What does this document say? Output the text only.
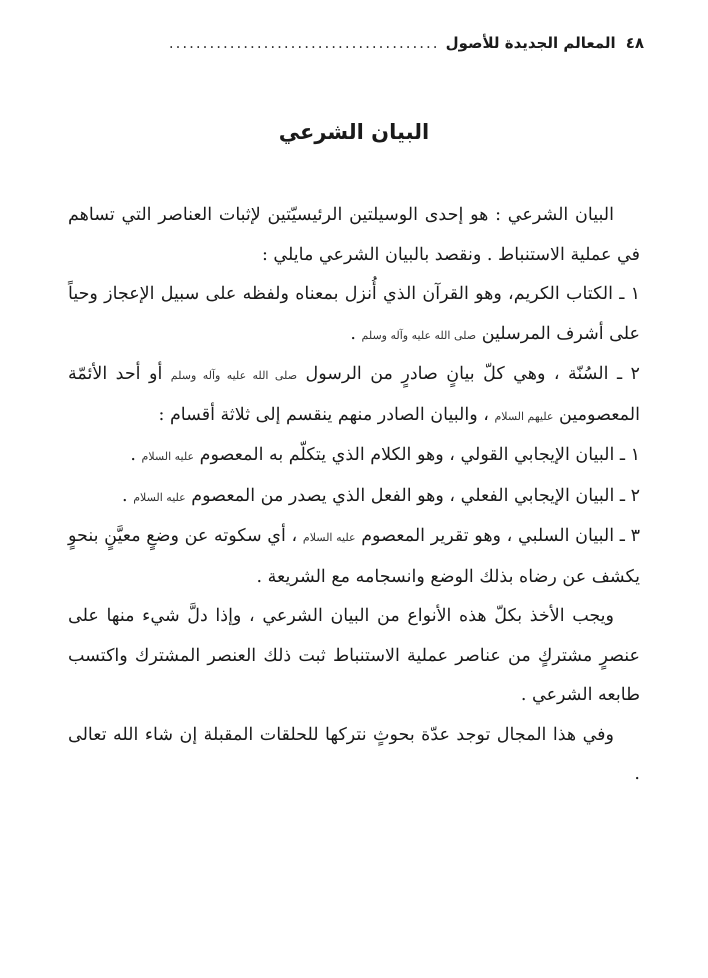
٤٨
المعالم الجديدة للأصول
........................................
البيان الشرعي

البيان الشرعي : هو إحدى الوسيلتين الرئيسيّتين لإثبات العناصر التي تساهم في عملية الاستنباط . ونقصد بالبيان الشرعي مايلي :

١ ـ الكتاب الكريم، وهو القرآن الذي أُنزل بمعناه ولفظه على سبيل الإعجاز وحياً على أشرف المرسلين صلى الله عليه وآله وسلم .

٢ ـ السُنّة ، وهي كلّ بيانٍ صادرٍ من الرسول صلى الله عليه وآله وسلم أو أحد الأئمّة المعصومين عليهم السلام ، والبيان الصادر منهم ينقسم إلى ثلاثة أقسام :

١ ـ البيان الإيجابي القولي ، وهو الكلام الذي يتكلّم به المعصوم عليه السلام .

٢ ـ البيان الإيجابي الفعلي ، وهو الفعل الذي يصدر من المعصوم عليه السلام .

٣ ـ البيان السلبي ، وهو تقرير المعصوم عليه السلام ، أي سكوته عن وضعٍ معيَّنٍ بنحوٍ يكشف عن رضاه بذلك الوضع وانسجامه مع الشريعة .

ويجب الأخذ بكلّ هذه الأنواع من البيان الشرعي ، وإذا دلَّ شيء منها على عنصرٍ مشتركٍ من عناصر عملية الاستنباط ثبت ذلك العنصر المشترك واكتسب طابعه الشرعي .

وفي هذا المجال توجد عدّة بحوثٍ نتركها للحلقات المقبلة إن شاء الله تعالى .
